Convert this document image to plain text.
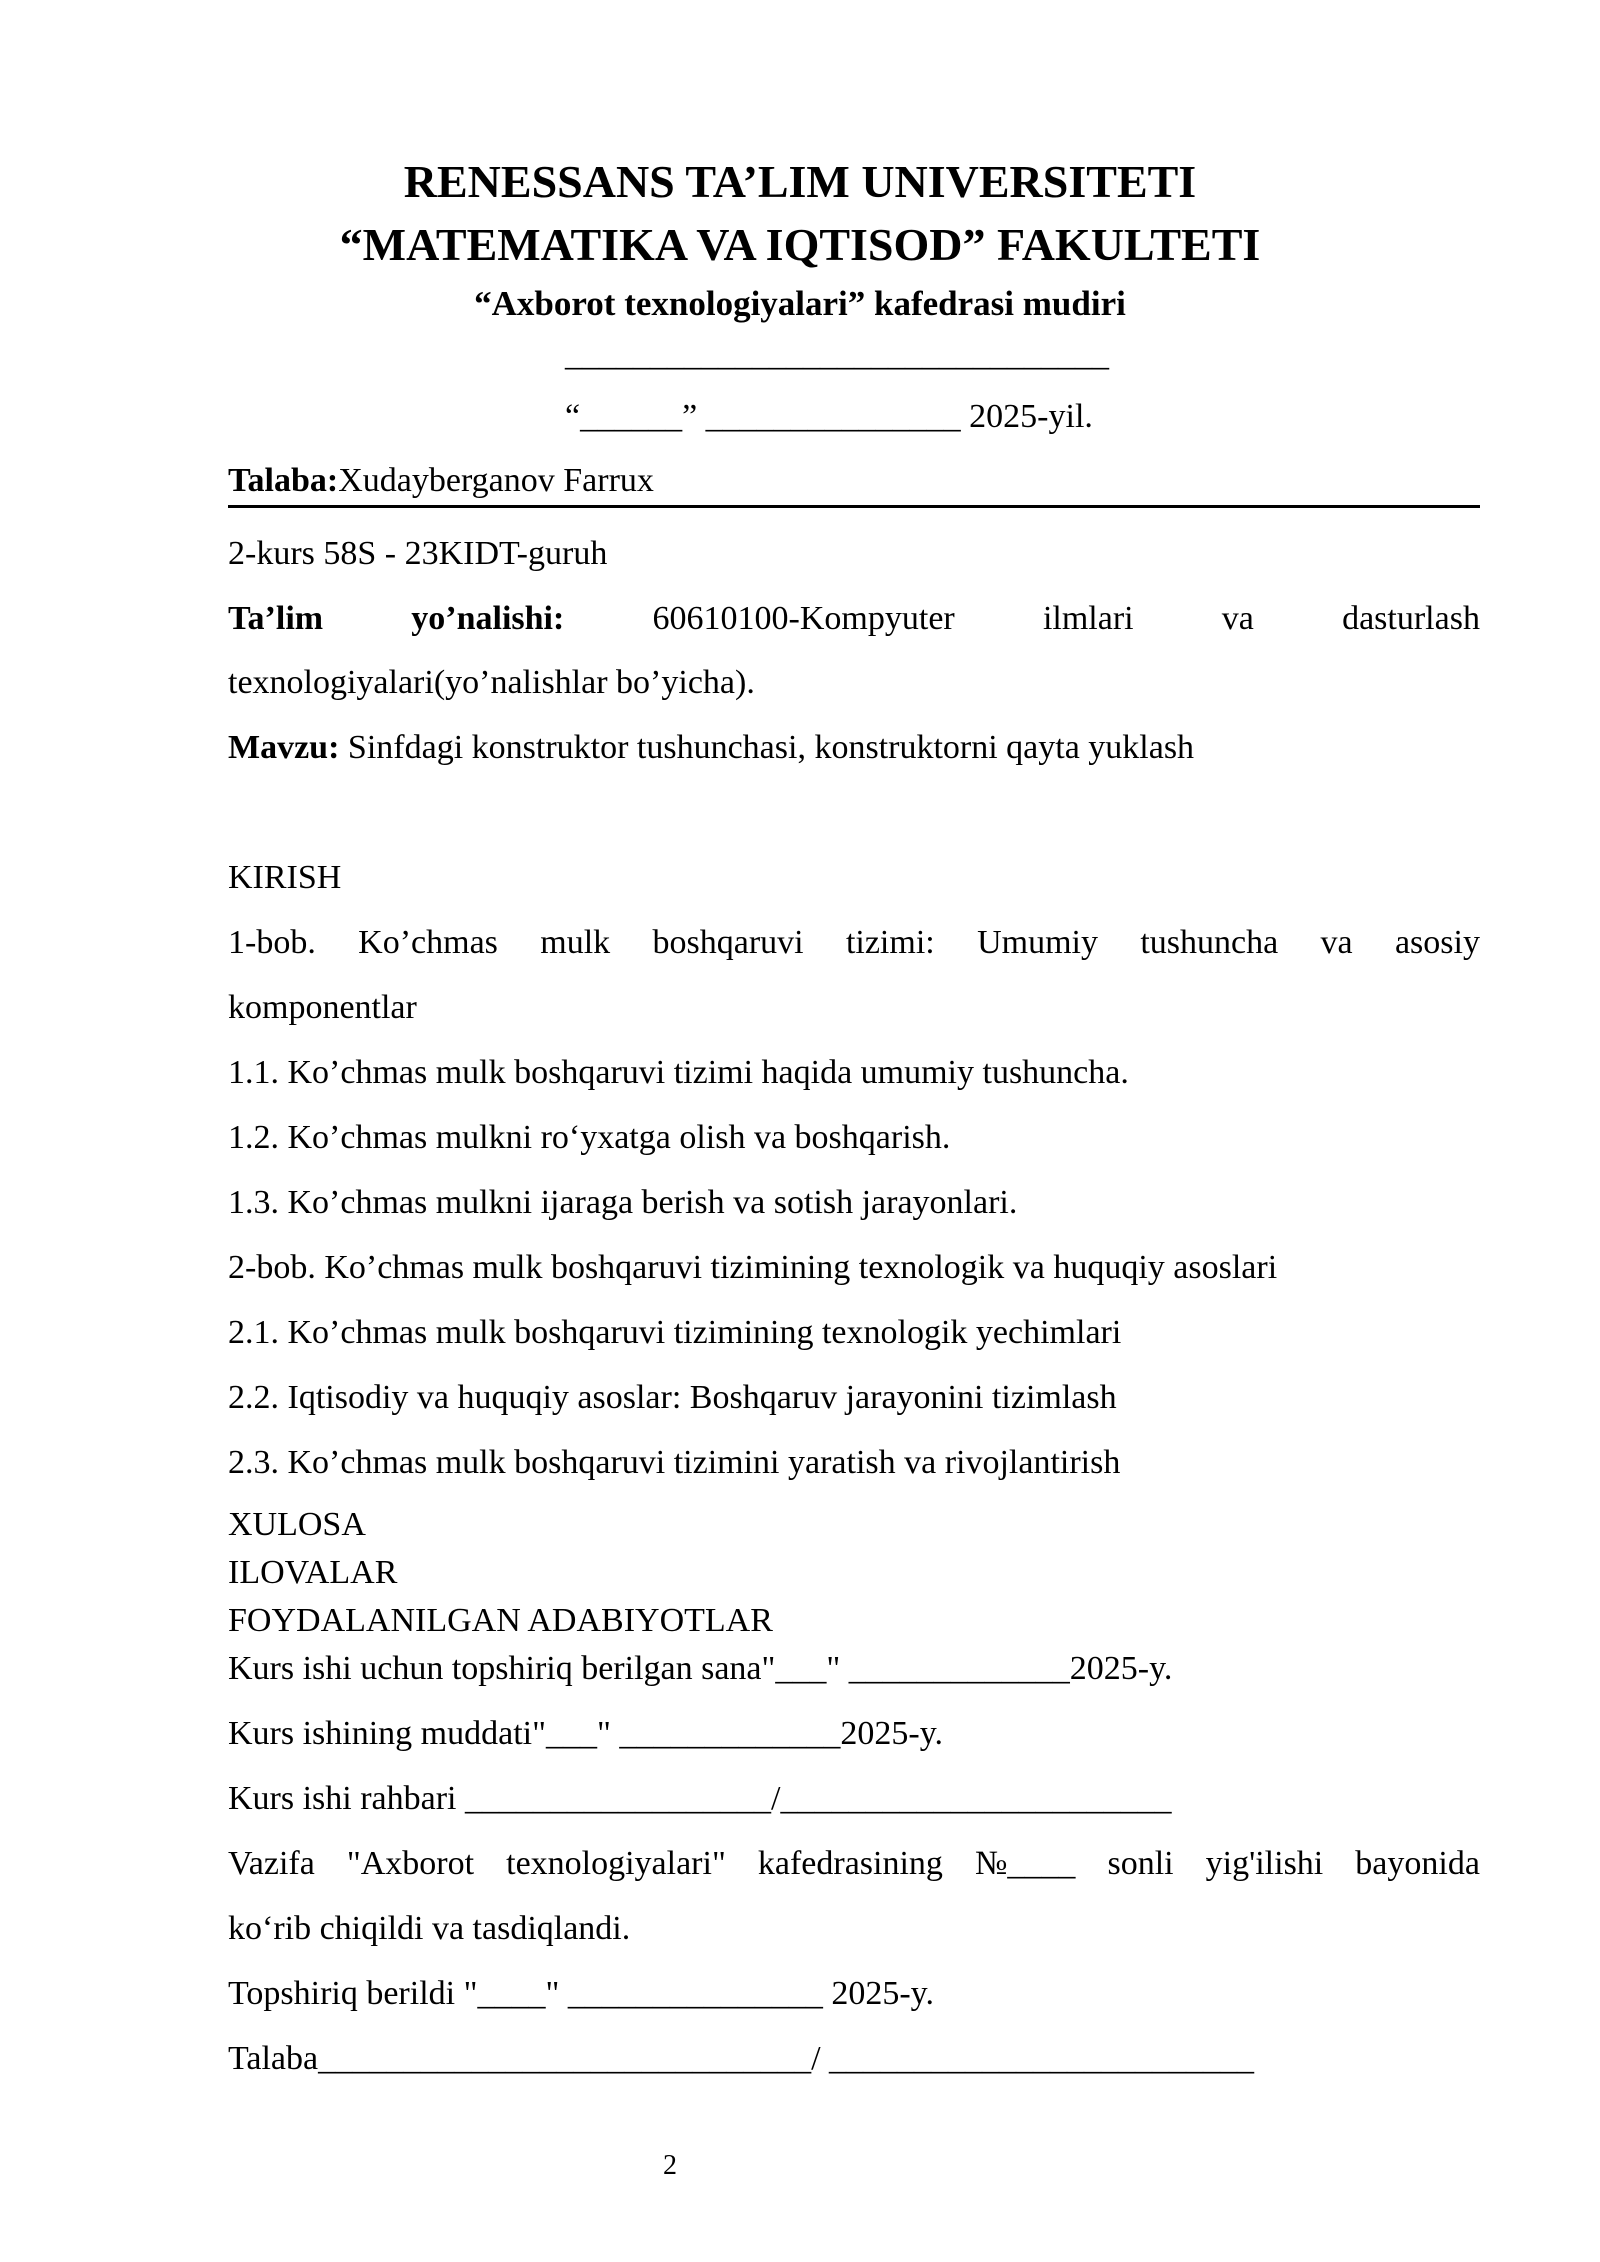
RENESSANS TA’LIM UNIVERSITETI
“MATEMATIKA VA IQTISOD” FAKULTETI
“Axborot texnologiyalari” kafedrasi mudiri
________________________________
“______” _______________ 2025-yil.
Talaba:Xudayberganov Farrux
2-kurs 58S - 23KIDT-guruh
Ta’lim	yo’nalishi:	60610100-Kompyuter	ilmlari	va	dasturlash
texnologiyalari(yo’nalishlar bo’yicha).
Mavzu: Sinfdagi konstruktor tushunchasi, konstruktorni qayta yuklash
KIRISH
1-bob. Ko’chmas mulk boshqaruvi tizimi: Umumiy tushuncha va asosiy
komponentlar
1.1. Ko’chmas mulk boshqaruvi tizimi haqida umumiy tushuncha.
1.2. Ko’chmas mulkni ro‘yxatga olish va boshqarish.
1.3. Ko’chmas mulkni ijaraga berish va sotish jarayonlari.
2-bob. Ko’chmas mulk boshqaruvi tizimining texnologik va huquqiy asoslari
2.1. Ko’chmas mulk boshqaruvi tizimining texnologik yechimlari
2.2. Iqtisodiy va huquqiy asoslar: Boshqaruv jarayonini tizimlash
2.3. Ko’chmas mulk boshqaruvi tizimini yaratish va rivojlantirish
XULOSA
ILOVALAR
FOYDALANILGAN ADABIYOTLAR
Kurs ishi uchun topshiriq berilgan sana"___" _____________2025-y.
Kurs ishining muddati"___" _____________2025-y.
Kurs ishi rahbari __________________/_______________________
Vazifa "Axborot texnologiyalari" kafedrasining №____ sonli yig'ilishi bayonida
ko‘rib chiqildi va tasdiqlandi.
Topshiriq berildi "____" _______________ 2025-y.
Talaba_____________________________/ _________________________
2
